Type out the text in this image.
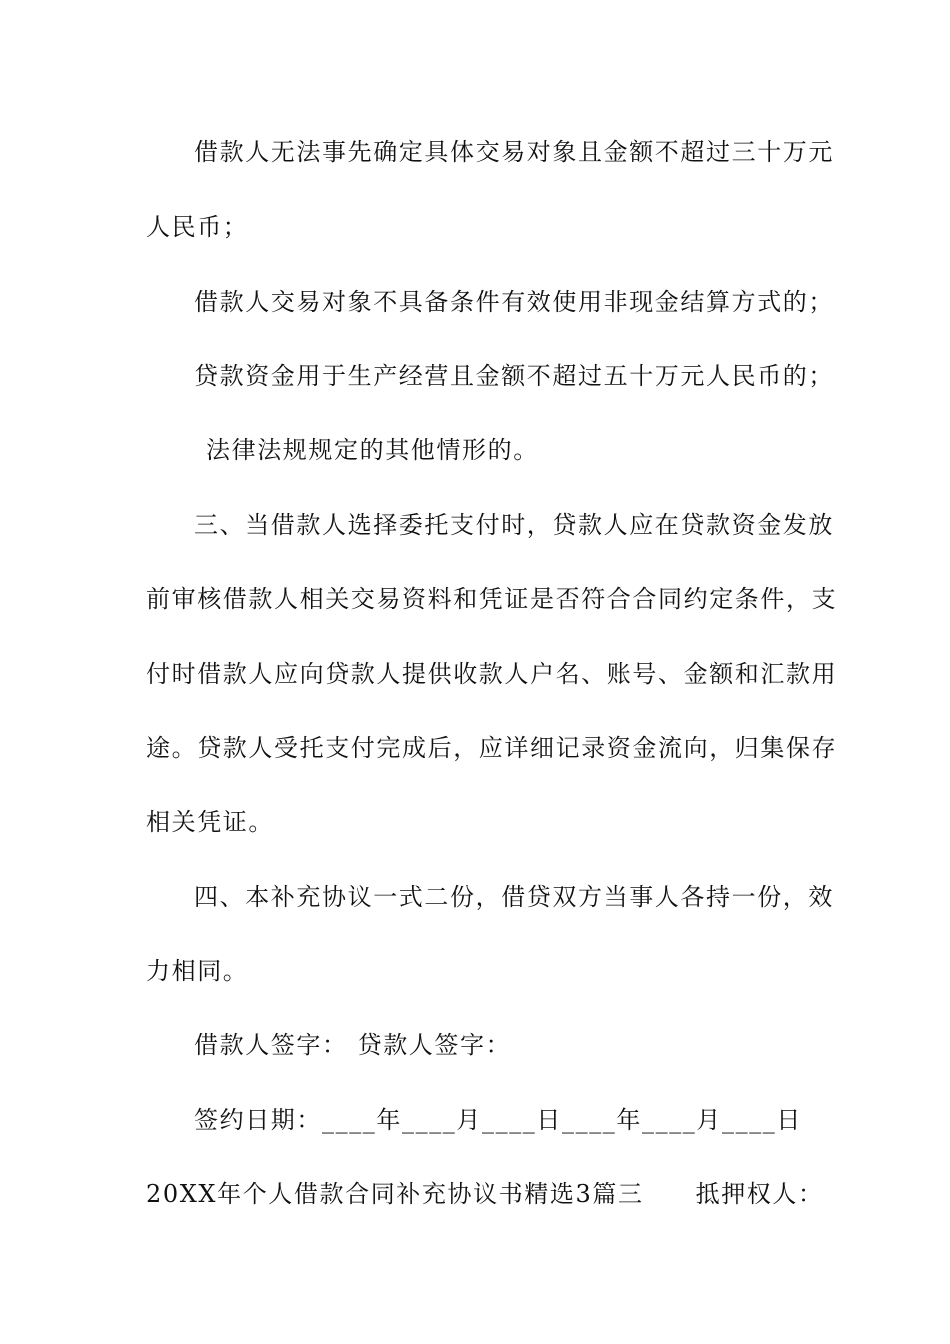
借款人无法事先确定具体交易对象且金额不超过三十万元
人民币；
借款人交易对象不具备条件有效使用非现金结算方式的；
贷款资金用于生产经营且金额不超过五十万元人民币的；
法律法规规定的其他情形的。
三、当借款人选择委托支付时，贷款人应在贷款资金发放
前审核借款人相关交易资料和凭证是否符合合同约定条件，支
付时借款人应向贷款人提供收款人户名、账号、金额和汇款用
途。贷款人受托支付完成后，应详细记录资金流向，归集保存
相关凭证。
四、本补充协议一式二份，借贷双方当事人各持一份，效
力相同。
借款人签字： 贷款人签字：
签约日期：____年____月____日____年____月____日
20XX年个人借款合同补充协议书精选3篇三 抵押权人：
